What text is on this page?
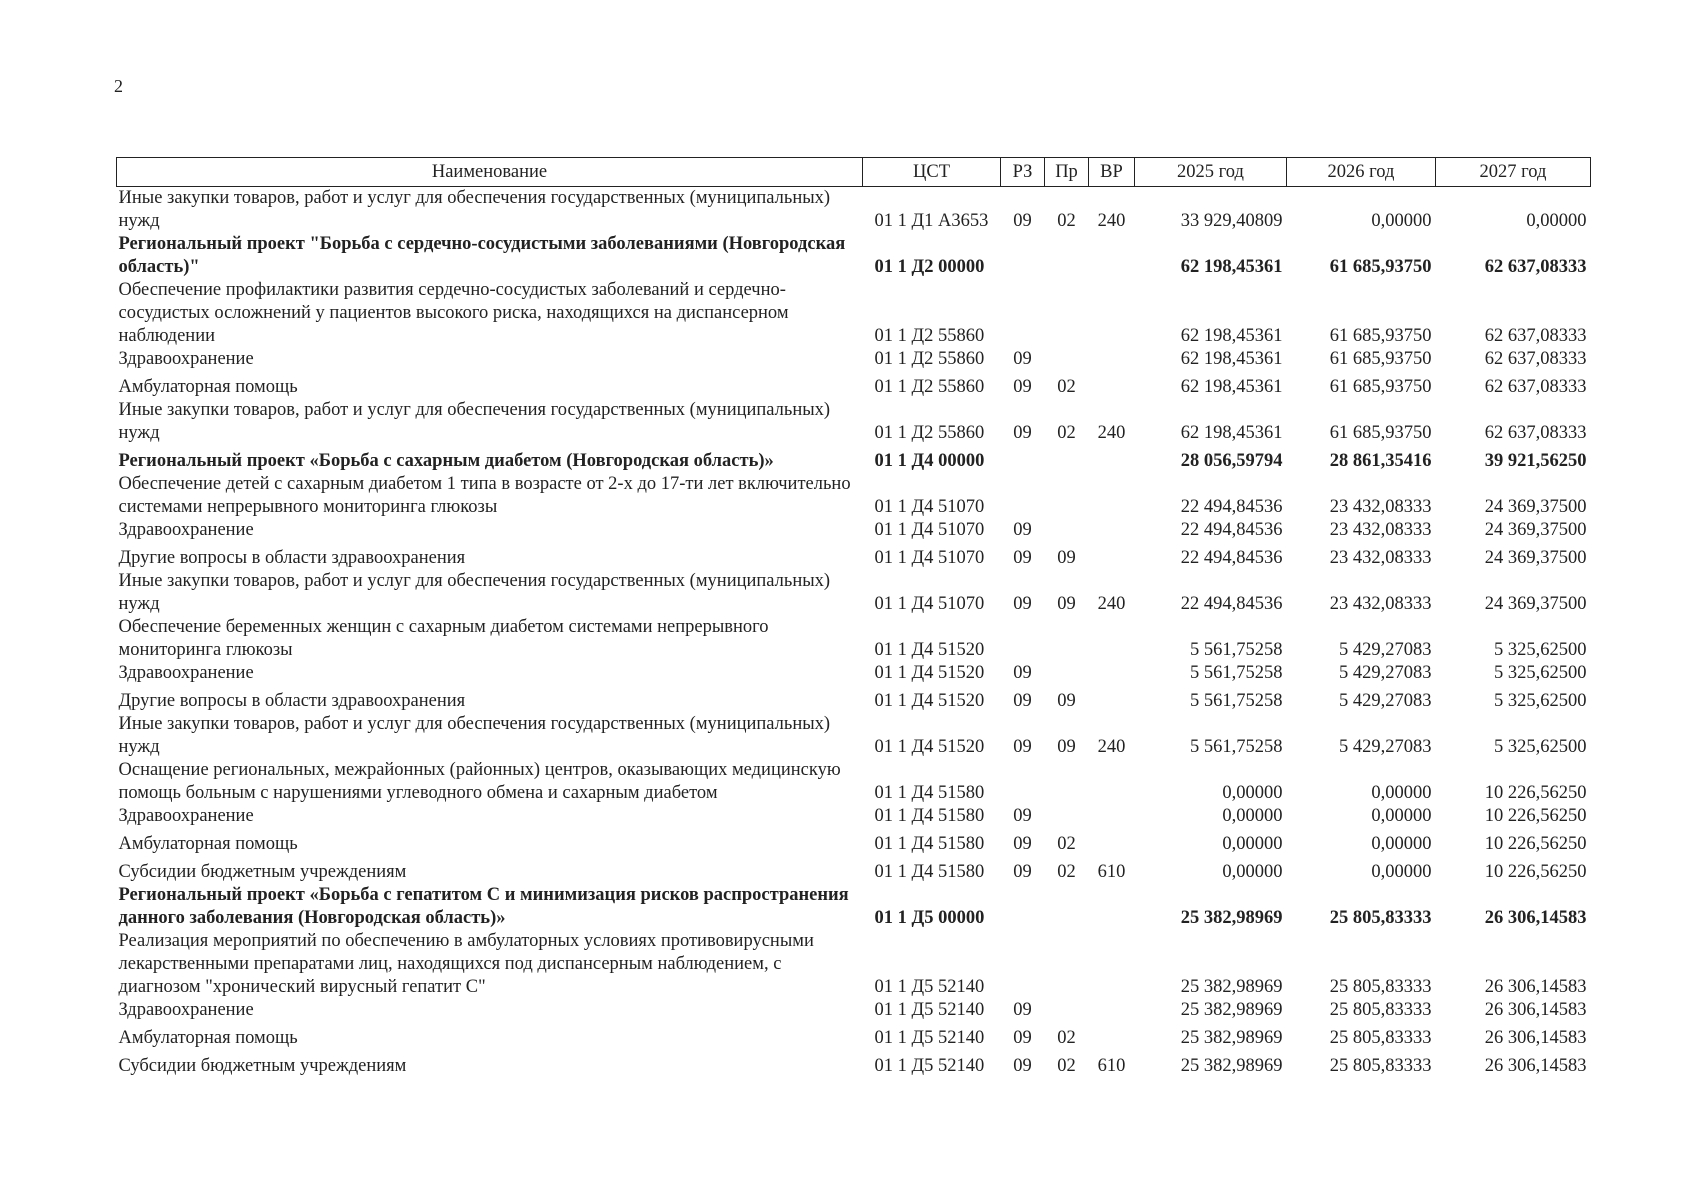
2
Наименование	ЦСТ	РЗ	Пр	ВР	2025 год	2026 год	2027 год
Иные закупки товаров, работ и услуг для обеспечения государственных (муниципальных) нужд	01 1 Д1 А3653	09	02	240	33 929,40809	0,00000	0,00000
Региональный проект "Борьба с сердечно-сосудистыми заболеваниями (Новгородская область)"	01 1 Д2 00000				62 198,45361	61 685,93750	62 637,08333
Обеспечение профилактики развития сердечно-сосудистых заболеваний и сердечно-сосудистых осложнений у пациентов высокого риска, находящихся на диспансерном наблюдении	01 1 Д2 55860				62 198,45361	61 685,93750	62 637,08333
Здравоохранение	01 1 Д2 55860	09			62 198,45361	61 685,93750	62 637,08333
Амбулаторная помощь	01 1 Д2 55860	09	02		62 198,45361	61 685,93750	62 637,08333
Иные закупки товаров, работ и услуг для обеспечения государственных (муниципальных) нужд	01 1 Д2 55860	09	02	240	62 198,45361	61 685,93750	62 637,08333
Региональный проект «Борьба с сахарным диабетом (Новгородская область)»	01 1 Д4 00000				28 056,59794	28 861,35416	39 921,56250
Обеспечение детей с сахарным диабетом 1 типа в возрасте от 2-х до 17-ти лет включительно системами непрерывного мониторинга глюкозы	01 1 Д4 51070				22 494,84536	23 432,08333	24 369,37500
Здравоохранение	01 1 Д4 51070	09			22 494,84536	23 432,08333	24 369,37500
Другие вопросы в области здравоохранения	01 1 Д4 51070	09	09		22 494,84536	23 432,08333	24 369,37500
Иные закупки товаров, работ и услуг для обеспечения государственных (муниципальных) нужд	01 1 Д4 51070	09	09	240	22 494,84536	23 432,08333	24 369,37500
Обеспечение беременных женщин с сахарным диабетом системами непрерывного мониторинга глюкозы	01 1 Д4 51520				5 561,75258	5 429,27083	5 325,62500
Здравоохранение	01 1 Д4 51520	09			5 561,75258	5 429,27083	5 325,62500
Другие вопросы в области здравоохранения	01 1 Д4 51520	09	09		5 561,75258	5 429,27083	5 325,62500
Иные закупки товаров, работ и услуг для обеспечения государственных (муниципальных) нужд	01 1 Д4 51520	09	09	240	5 561,75258	5 429,27083	5 325,62500
Оснащение региональных, межрайонных (районных) центров, оказывающих медицинскую помощь больным с нарушениями углеводного обмена и сахарным диабетом	01 1 Д4 51580				0,00000	0,00000	10 226,56250
Здравоохранение	01 1 Д4 51580	09			0,00000	0,00000	10 226,56250
Амбулаторная помощь	01 1 Д4 51580	09	02		0,00000	0,00000	10 226,56250
Субсидии бюджетным учреждениям	01 1 Д4 51580	09	02	610	0,00000	0,00000	10 226,56250
Региональный проект «Борьба с гепатитом С и минимизация рисков распространения данного заболевания (Новгородская область)»	01 1 Д5 00000				25 382,98969	25 805,83333	26 306,14583
Реализация мероприятий по обеспечению в амбулаторных условиях противовирусными лекарственными препаратами лиц, находящихся под диспансерным наблюдением, с диагнозом "хронический вирусный гепатит С"	01 1 Д5 52140				25 382,98969	25 805,83333	26 306,14583
Здравоохранение	01 1 Д5 52140	09			25 382,98969	25 805,83333	26 306,14583
Амбулаторная помощь	01 1 Д5 52140	09	02		25 382,98969	25 805,83333	26 306,14583
Субсидии бюджетным учреждениям	01 1 Д5 52140	09	02	610	25 382,98969	25 805,83333	26 306,14583
